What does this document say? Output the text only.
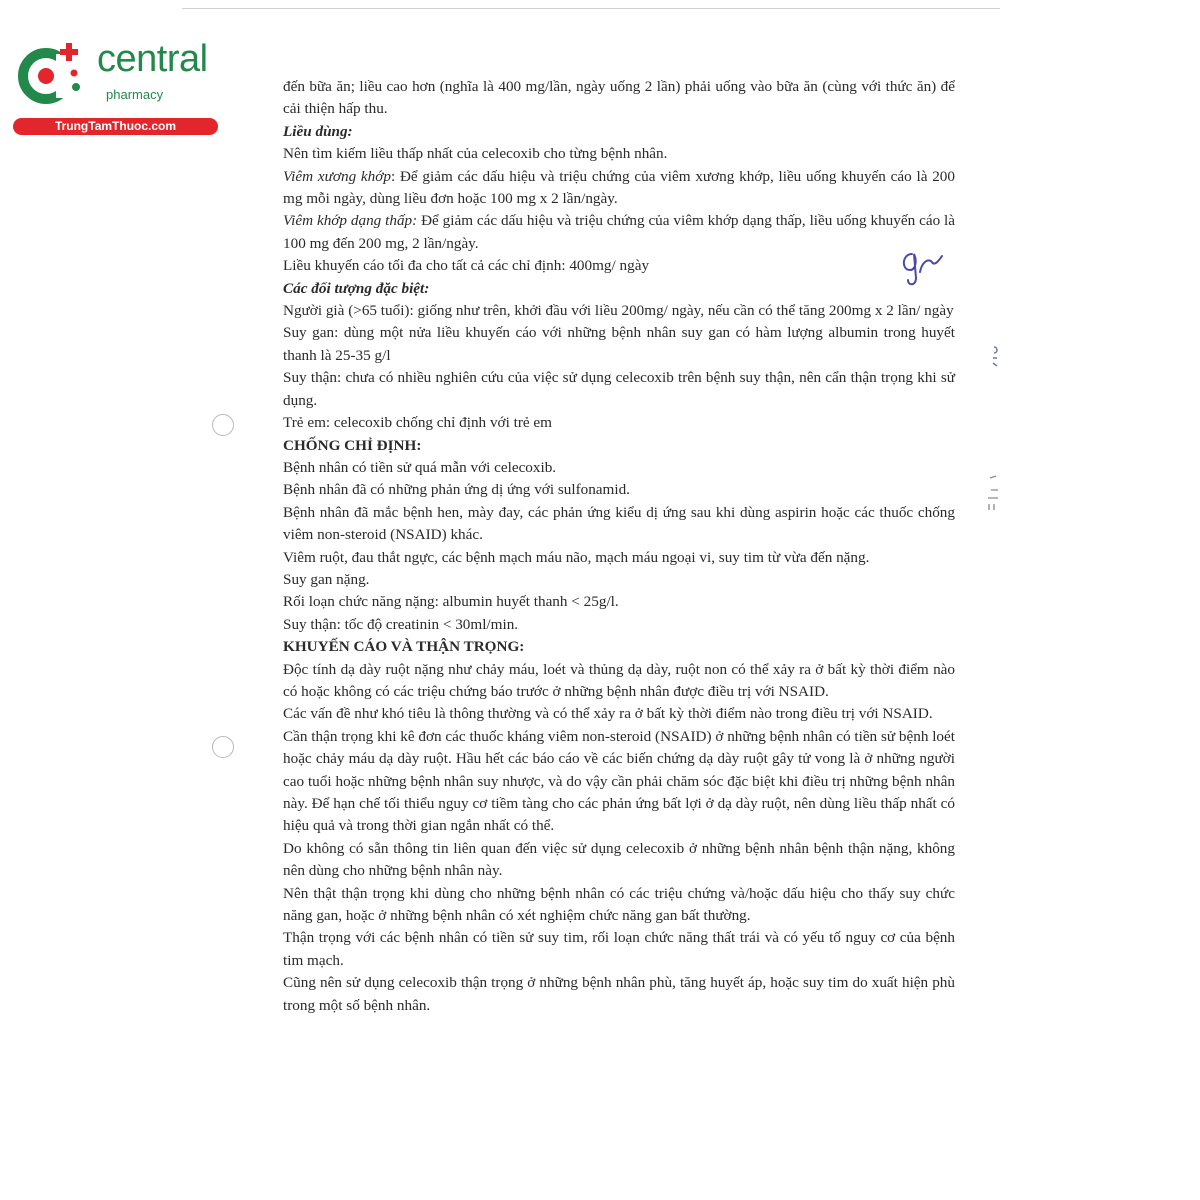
central
pharmacy
TrungTamThuoc.com

đến bữa ăn; liều cao hơn (nghĩa là 400 mg/lần, ngày uống 2 lần) phải uống vào bữa ăn (cùng với thức ăn) để cải thiện hấp thu.

Liều dùng:

Nên tìm kiếm liều thấp nhất của celecoxib cho từng bệnh nhân.

Viêm xương khớp: Để giảm các dấu hiệu và triệu chứng của viêm xương khớp, liều uống khuyến cáo là 200 mg mỗi ngày, dùng liều đơn hoặc 100 mg x 2 lần/ngày.

Viêm khớp dạng thấp: Để giảm các dấu hiệu và triệu chứng của viêm khớp dạng thấp, liều uống khuyến cáo là 100 mg đến 200 mg, 2 lần/ngày.

Liều khuyến cáo tối đa cho tất cả các chỉ định: 400mg/ ngày

Các đối tượng đặc biệt:

Người già (>65 tuổi): giống như trên, khởi đầu với liều 200mg/ ngày, nếu cần có thể tăng 200mg x 2 lần/ ngày

Suy gan: dùng một nửa liều khuyến cáo với những bệnh nhân suy gan có hàm lượng albumin trong huyết thanh là 25-35 g/l

Suy thận: chưa có nhiều nghiên cứu của việc sử dụng celecoxib trên bệnh suy thận, nên cẩn thận trọng khi sử dụng.

Trẻ em: celecoxib chống chỉ định với trẻ em

CHỐNG CHỈ ĐỊNH:

Bệnh nhân có tiền sử quá mẫn với celecoxib.

Bệnh nhân đã có những phản ứng dị ứng với sulfonamid.

Bệnh nhân đã mắc bệnh hen, mày đay, các phản ứng kiểu dị ứng sau khi dùng aspirin hoặc các thuốc chống viêm non-steroid (NSAID) khác.

Viêm ruột, đau thắt ngực, các bệnh mạch máu não, mạch máu ngoại vi, suy tim từ vừa đến nặng.

Suy gan nặng.

Rối loạn chức năng nặng: albumin huyết thanh < 25g/l.

Suy thận: tốc độ creatinin < 30ml/min.

KHUYẾN CÁO VÀ THẬN TRỌNG:

Độc tính dạ dày ruột nặng như chảy máu, loét và thủng dạ dày, ruột non có thể xảy ra ở bất kỳ thời điểm nào có hoặc không có các triệu chứng báo trước ở những bệnh nhân được điều trị với NSAID.

Các vấn đề như khó tiêu là thông thường và có thể xảy ra ở bất kỳ thời điểm nào trong điều trị với NSAID.

Cần thận trọng khi kê đơn các thuốc kháng viêm non-steroid (NSAID) ở những bệnh nhân có tiền sử bệnh loét hoặc chảy máu dạ dày ruột. Hầu hết các báo cáo về các biến chứng dạ dày ruột gây tử vong là ở những người cao tuổi hoặc những bệnh nhân suy nhược, và do vậy cần phải chăm sóc đặc biệt khi điều trị những bệnh nhân này. Để hạn chế tối thiểu nguy cơ tiềm tàng cho các phản ứng bất lợi ở dạ dày ruột, nên dùng liều thấp nhất có hiệu quả và trong thời gian ngắn nhất có thể.

Do không có sẵn thông tin liên quan đến việc sử dụng celecoxib ở những bệnh nhân bệnh thận nặng, không nên dùng cho những bệnh nhân này.

Nên thật thận trọng khi dùng cho những bệnh nhân có các triệu chứng và/hoặc dấu hiệu cho thấy suy chức năng gan, hoặc ở những bệnh nhân có xét nghiệm chức năng gan bất thường.

Thận trọng với các bệnh nhân có tiền sử suy tim, rối loạn chức năng thất trái và có yếu tố nguy cơ của bệnh tim mạch.

Cũng nên sử dụng celecoxib thận trọng ở những bệnh nhân phù, tăng huyết áp, hoặc suy tim do xuất hiện phù trong một số bệnh nhân.
